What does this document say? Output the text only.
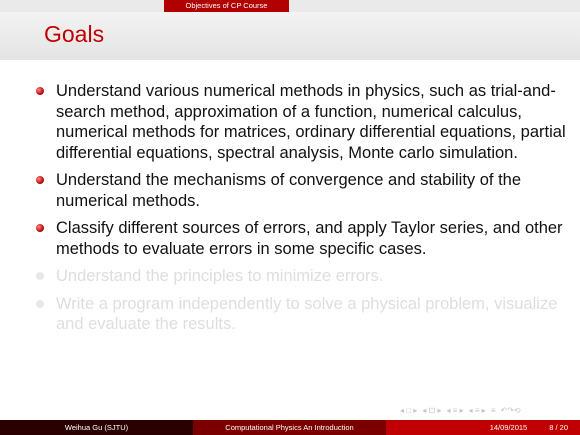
Objectives of CP Course
Goals
Understand various numerical methods in physics, such as trial-and-search method, approximation of a function, numerical calculus, numerical methods for matrices, ordinary differential equations, partial differential equations, spectral analysis, Monte carlo simulation.
Understand the mechanisms of convergence and stability of the numerical methods.
Classify different sources of errors, and apply Taylor series, and other methods to evaluate errors in some specific cases.
Understand the principles to minimize errors.
Write a program independently to solve a physical problem, visualize and evaluate the results.
◂ □ ▸ ◂ ⊡ ▸ ◂ ≡ ▸ ◂ ≡ ▸ ≡ ↶↷⟲
Weihua Gu (SJTU)	Computational Physics An Introduction	14/09/2015	8 / 20
